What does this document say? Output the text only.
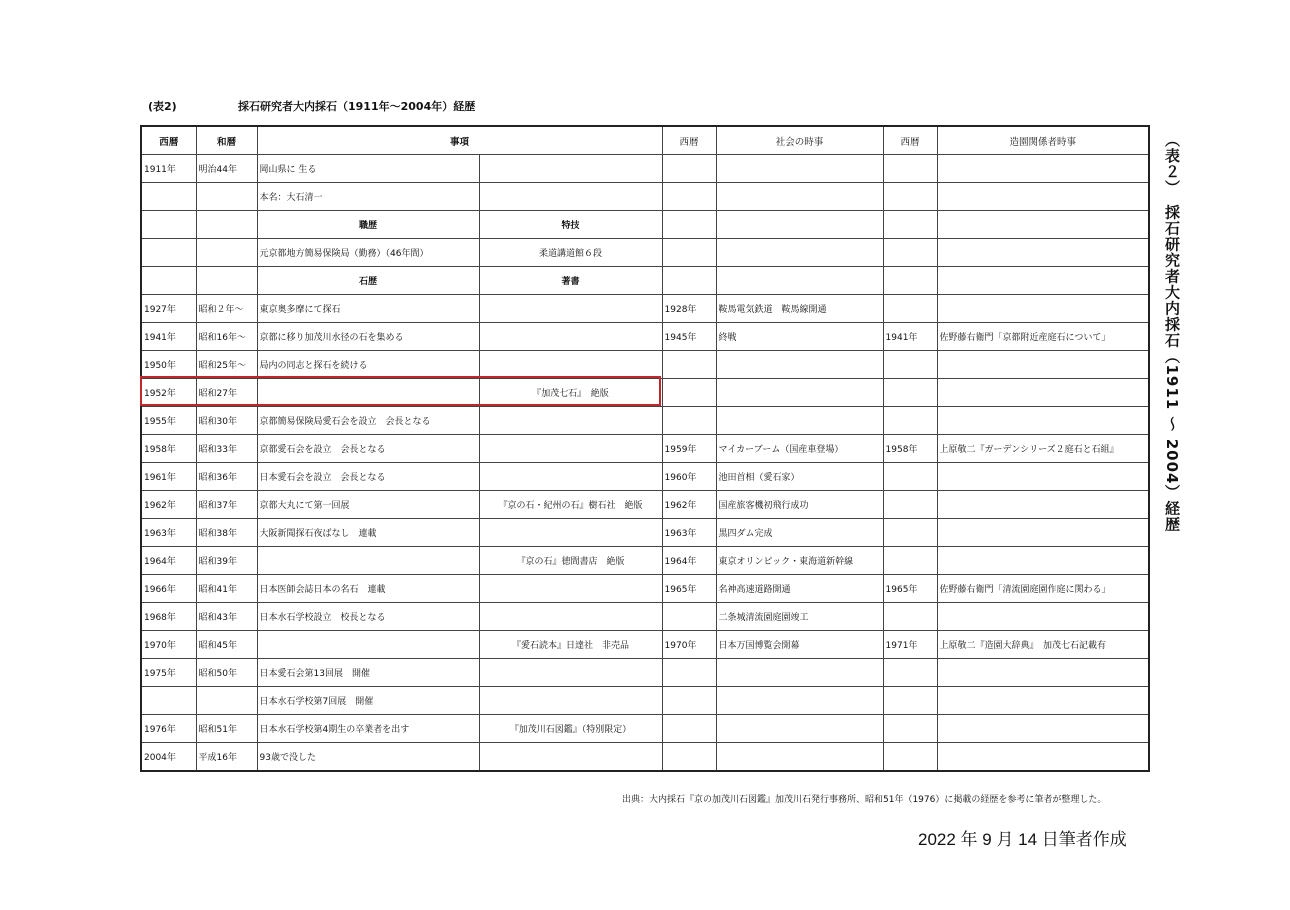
(表2)	採石研究者大内採石（1911年～2004年）経歴
西暦	和暦	事項		西暦	社会の時事	西暦	造園関係者時事
1911年	明治44年	岡山県に 生る					
		本名：大石清一					
		職歴	特技				
		元京都地方簡易保険局（勤務）（46年間）	柔道講道館６段				
		石歴	著書				
1927年	昭和２年～	東京奥多摩にて探石		1928年	鞍馬電気鉄道　鞍馬線開通		
1941年	昭和16年～	京都に移り加茂川水径の石を集める		1945年	終戦	1941年	佐野藤右衛門「京都附近産庭石について」
1950年	昭和25年～	局内の同志と探石を続ける					
1952年	昭和27年		『加茂七石』　絶版				
1955年	昭和30年	京都簡易保険局愛石会を設立　会長となる					
1958年	昭和33年	京都愛石会を設立　会長となる		1959年	マイカーブーム（国産車登場）	1958年	上原敬二『ガーデンシリーズ２庭石と石組』
1961年	昭和36年	日本愛石会を設立　会長となる		1960年	池田首相（愛石家）		
1962年	昭和37年	京都大丸にて第一回展	『京の石・紀州の石』樹石社　絶版	1962年	国産旅客機初飛行成功		
1963年	昭和38年	大阪新聞探石夜ばなし　連載		1963年	黒四ダム完成		
1964年	昭和39年		『京の石』徳間書店　絶版	1964年	東京オリンピック・東海道新幹線		
1966年	昭和41年	日本医師会誌日本の名石　連載		1965年	名神高速道路開通	1965年	佐野藤右衛門「清流園庭園作庭に関わる」
1968年	昭和43年	日本水石学校設立　校長となる			二条城清流園庭園竣工		
1970年	昭和45年		『愛石読本』日達社　非売品	1970年	日本万国博覧会開幕	1971年	上原敬二『造園大辞典』　加茂七石記載有
1975年	昭和50年	日本愛石会第13回展　開催					
		日本水石学校第7回展　開催					
1976年	昭和51年	日本水石学校第4期生の卒業者を出す	『加茂川石図鑑』（特別限定）				
2004年	平成16年	93歳で没した					
（表２）　採石研究者大内採石（1911 ～ 2004）経歴
出典：大内採石『京の加茂川石図鑑』加茂川石発行事務所、昭和51年（1976）に掲載の経歴を参考に筆者が整理した。
2022 年 9 月 14 日筆者作成
